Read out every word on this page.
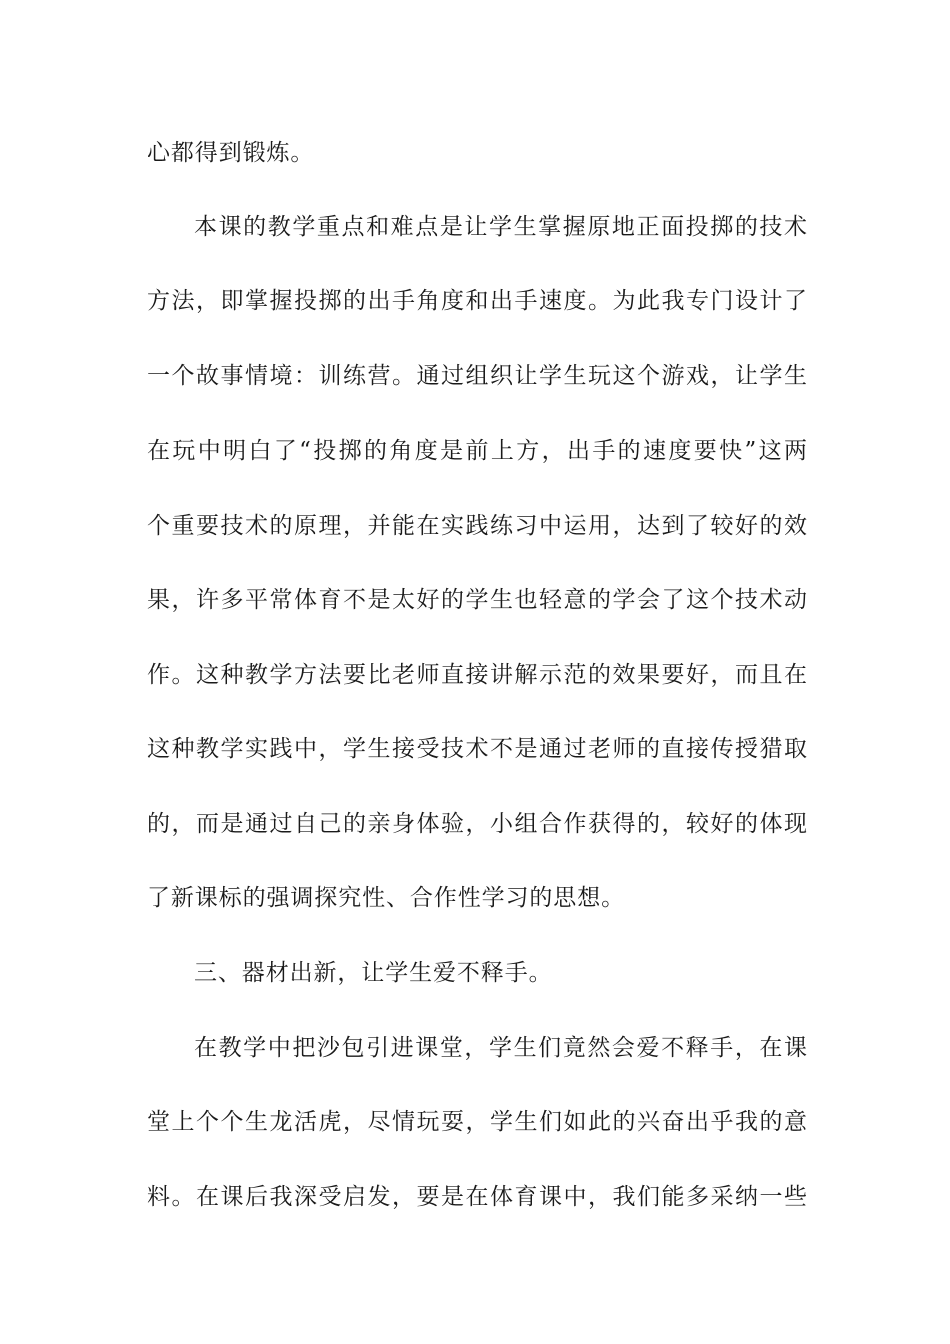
心都得到锻炼。

本课的教学重点和难点是让学生掌握原地正面投掷的技术

方法，即掌握投掷的出手角度和出手速度。为此我专门设计了

一个故事情境：训练营。通过组织让学生玩这个游戏，让学生

在玩中明白了“投掷的角度是前上方，出手的速度要快”这两

个重要技术的原理，并能在实践练习中运用，达到了较好的效

果，许多平常体育不是太好的学生也轻意的学会了这个技术动

作。这种教学方法要比老师直接讲解示范的效果要好，而且在

这种教学实践中，学生接受技术不是通过老师的直接传授猎取

的，而是通过自己的亲身体验，小组合作获得的，较好的体现

了新课标的强调探究性、合作性学习的思想。

三、器材出新，让学生爱不释手。

在教学中把沙包引进课堂，学生们竟然会爱不释手，在课

堂上个个生龙活虎，尽情玩耍，学生们如此的兴奋出乎我的意

料。在课后我深受启发，要是在体育课中，我们能多采纳一些
